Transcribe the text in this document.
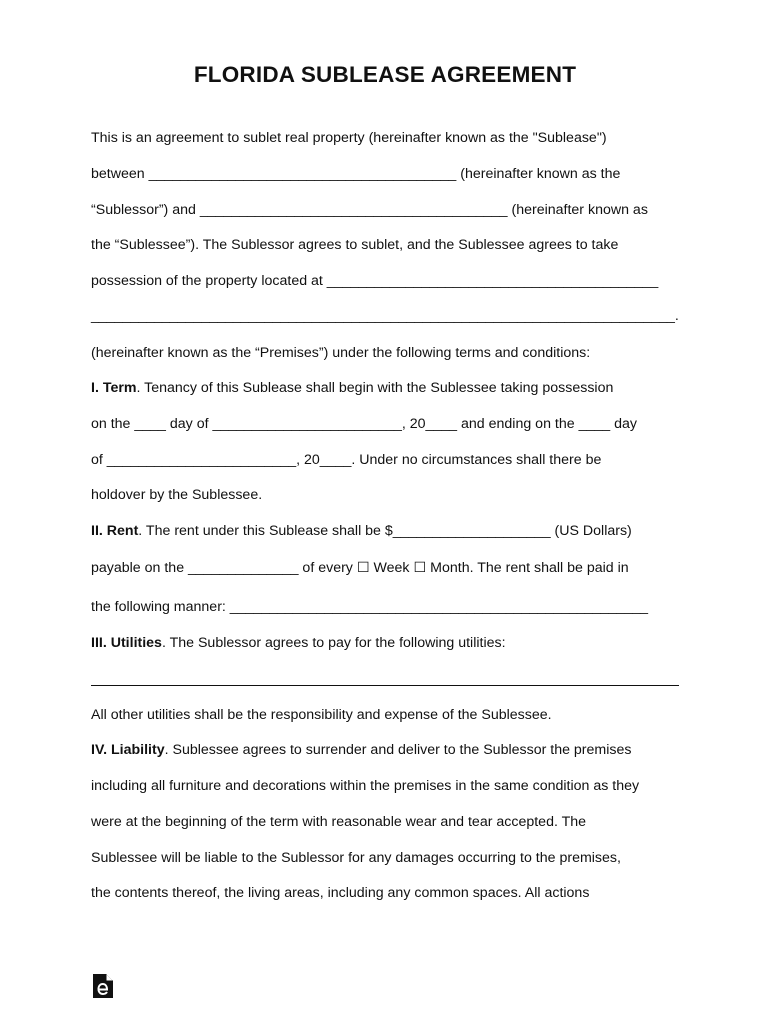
FLORIDA SUBLEASE AGREEMENT
This is an agreement to sublet real property (hereinafter known as the "Sublease")
between _______________________________________ (hereinafter known as the
“Sublessor”) and _______________________________________ (hereinafter known as
the “Sublessee”). The Sublessor agrees to sublet, and the Sublessee agrees to take
possession of the property located at __________________________________________
__________________________________________________________________________.
(hereinafter known as the “Premises”) under the following terms and conditions:
I. Term. Tenancy of this Sublease shall begin with the Sublessee taking possession
on the ____ day of ________________________, 20____ and ending on the ____ day
of ________________________, 20____. Under no circumstances shall there be
holdover by the Sublessee.
II. Rent. The rent under this Sublease shall be $____________________ (US Dollars)
payable on the ______________ of every ☐ Week ☐ Month. The rent shall be paid in
the following manner: _____________________________________________________
III. Utilities. The Sublessor agrees to pay for the following utilities:
All other utilities shall be the responsibility and expense of the Sublessee.
IV. Liability. Sublessee agrees to surrender and deliver to the Sublessor the premises
including all furniture and decorations within the premises in the same condition as they
were at the beginning of the term with reasonable wear and tear accepted. The
Sublessee will be liable to the Sublessor for any damages occurring to the premises,
the contents thereof, the living areas, including any common spaces. All actions
